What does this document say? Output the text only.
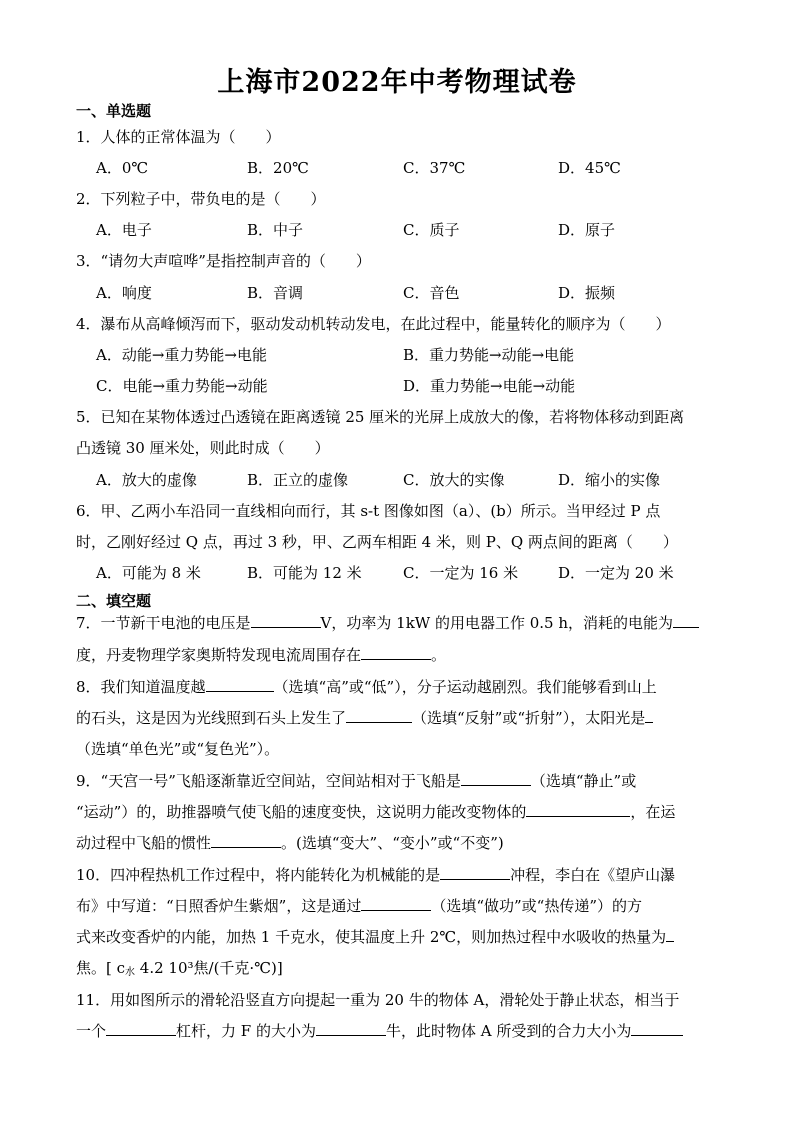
上海市2022年中考物理试卷
一、单选题
1．人体的正常体温为（　　）
A．0℃	B．20℃	C．37℃	D．45℃
2．下列粒子中，带负电的是（　　）
A．电子	B．中子	C．质子	D．原子
3．“请勿大声喧哗”是指控制声音的（　　）
A．响度	B．音调	C．音色	D．振频
4．瀑布从高峰倾泻而下，驱动发动机转动发电，在此过程中，能量转化的顺序为（　　）
A．动能→重力势能→电能	B．重力势能→动能→电能
C．电能→重力势能→动能	D．重力势能→电能→动能
5．已知在某物体透过凸透镜在距离透镜 25 厘米的光屏上成放大的像，若将物体移动到距离
凸透镜 30 厘米处，则此时成（　　）
A．放大的虚像	B．正立的虚像	C．放大的实像	D．缩小的实像
6．甲、乙两小车沿同一直线相向而行，其 s-t 图像如图（a）、(b）所示。当甲经过 P 点
时，乙刚好经过 Q 点，再过 3 秒，甲、乙两车相距 4 米，则 P、Q 两点间的距离（　　）
A．可能为 8 米	B．可能为 12 米	C．一定为 16 米	D．一定为 20 米
二、填空题
7．一节新干电池的电压是	V，功率为 1kW 的用电器工作 0.5 h，消耗的电能为
度，丹麦物理学家奥斯特发现电流周围存在	。
8．我们知道温度越	（选填“高”或“低”），分子运动越剧烈。我们能够看到山上
的石头，这是因为光线照到石头上发生了	（选填“反射”或“折射”），太阳光是
（选填“单色光”或“复色光”）。
9．“天宫一号”飞船逐渐靠近空间站，空间站相对于飞船是	（选填“静止”或
“运动”）的，助推器喷气使飞船的速度变快，这说明力能改变物体的	，在运
动过程中飞船的惯性	。(选填“变大”、“变小”或“不变”)
10．四冲程热机工作过程中，将内能转化为机械能的是	冲程，李白在《望庐山瀑
布》中写道：“日照香炉生紫烟”，这是通过	（选填“做功”或“热传递”）的方
式来改变香炉的内能，加热 1 千克水，使其温度上升 2℃，则加热过程中水吸收的热量为
焦。[ $c_水$ 4.2 10³焦/(千克·℃)]
11．用如图所示的滑轮沿竖直方向提起一重为 20 牛的物体 A，滑轮处于静止状态，相当于
一个	杠杆，力 F 的大小为	牛，此时物体 A 所受到的合力大小为
